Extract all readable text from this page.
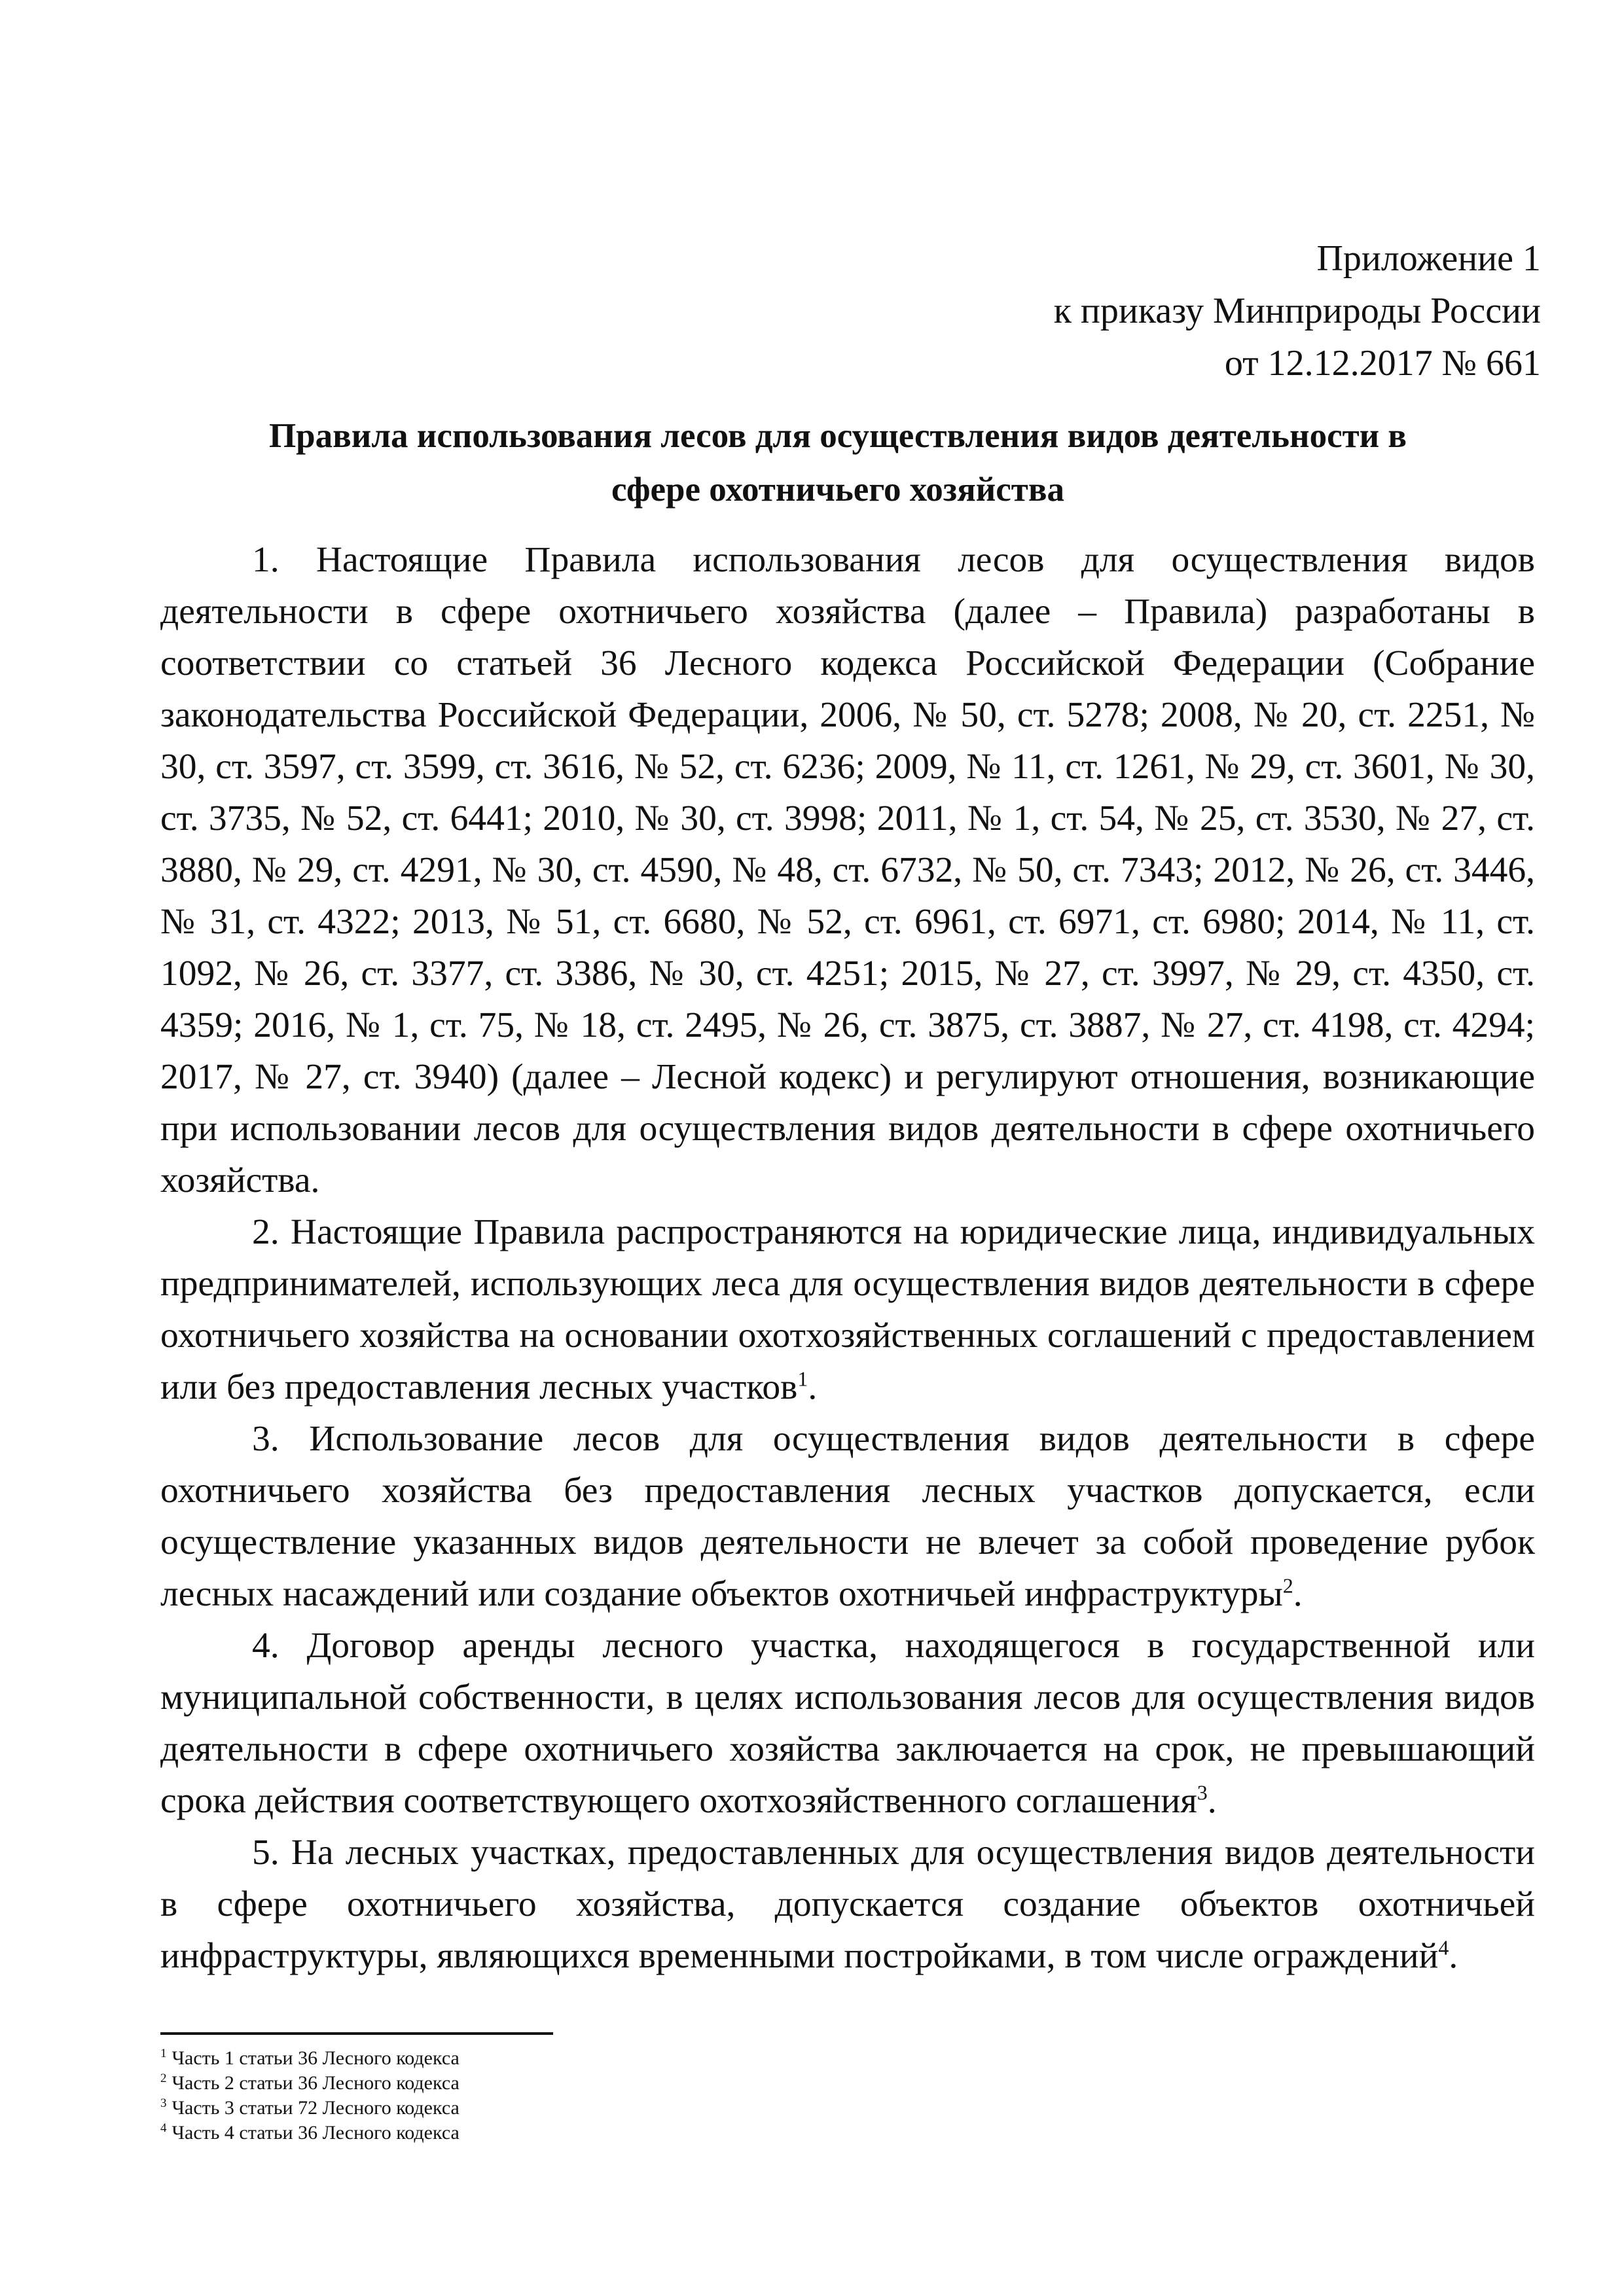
Приложение 1
к приказу Минприроды России
от 12.12.2017 № 661
Правила использования лесов для осуществления видов деятельности в
сфере охотничьего хозяйства

1. Настоящие Правила использования лесов для осуществления видов деятельности в сфере охотничьего хозяйства (далее – Правила) разработаны в соответствии со статьей 36 Лесного кодекса Российской Федерации (Собрание законодательства Российской Федерации, 2006, № 50, ст. 5278; 2008, № 20, ст. 2251, № 30, ст. 3597, ст. 3599, ст. 3616, № 52, ст. 6236; 2009, № 11, ст. 1261, № 29, ст. 3601, № 30, ст. 3735, № 52, ст. 6441; 2010, № 30, ст. 3998; 2011, № 1, ст. 54, № 25, ст. 3530, № 27, ст. 3880, № 29, ст. 4291, № 30, ст. 4590, № 48, ст. 6732, № 50, ст. 7343; 2012, № 26, ст. 3446, № 31, ст. 4322; 2013, № 51, ст. 6680, № 52, ст. 6961, ст. 6971, ст. 6980; 2014, № 11, ст. 1092, № 26, ст. 3377, ст. 3386, № 30, ст. 4251; 2015, № 27, ст. 3997, № 29, ст. 4350, ст. 4359; 2016, № 1, ст. 75, № 18, ст. 2495, № 26, ст. 3875, ст. 3887, № 27, ст. 4198, ст. 4294; 2017, № 27, ст. 3940) (далее – Лесной кодекс) и регулируют отношения, возникающие при использовании лесов для осуществления видов деятельности в сфере охотничьего хозяйства.

2. Настоящие Правила распространяются на юридические лица, индивидуальных предпринимателей, использующих леса для осуществления видов деятельности в сфере охотничьего хозяйства на основании охотхозяйственных соглашений с предоставлением или без предоставления лесных участков$^1$.

3. Использование лесов для осуществления видов деятельности в сфере охотничьего хозяйства без предоставления лесных участков допускается, если осуществление указанных видов деятельности не влечет за собой проведение рубок лесных насаждений или создание объектов охотничьей инфраструктуры$^2$.

4. Договор аренды лесного участка, находящегося в государственной или муниципальной собственности, в целях использования лесов для осуществления видов деятельности в сфере охотничьего хозяйства заключается на срок, не превышающий срока действия соответствующего охотхозяйственного соглашения$^3$.

5. На лесных участках, предоставленных для осуществления видов деятельности в сфере охотничьего хозяйства, допускается создание объектов охотничьей инфраструктуры, являющихся временными постройками, в том числе ограждений$^4$.

$^1$ Часть 1 статьи 36 Лесного кодекса
$^2$ Часть 2 статьи 36 Лесного кодекса
$^3$ Часть 3 статьи 72 Лесного кодекса
$^4$ Часть 4 статьи 36 Лесного кодекса
